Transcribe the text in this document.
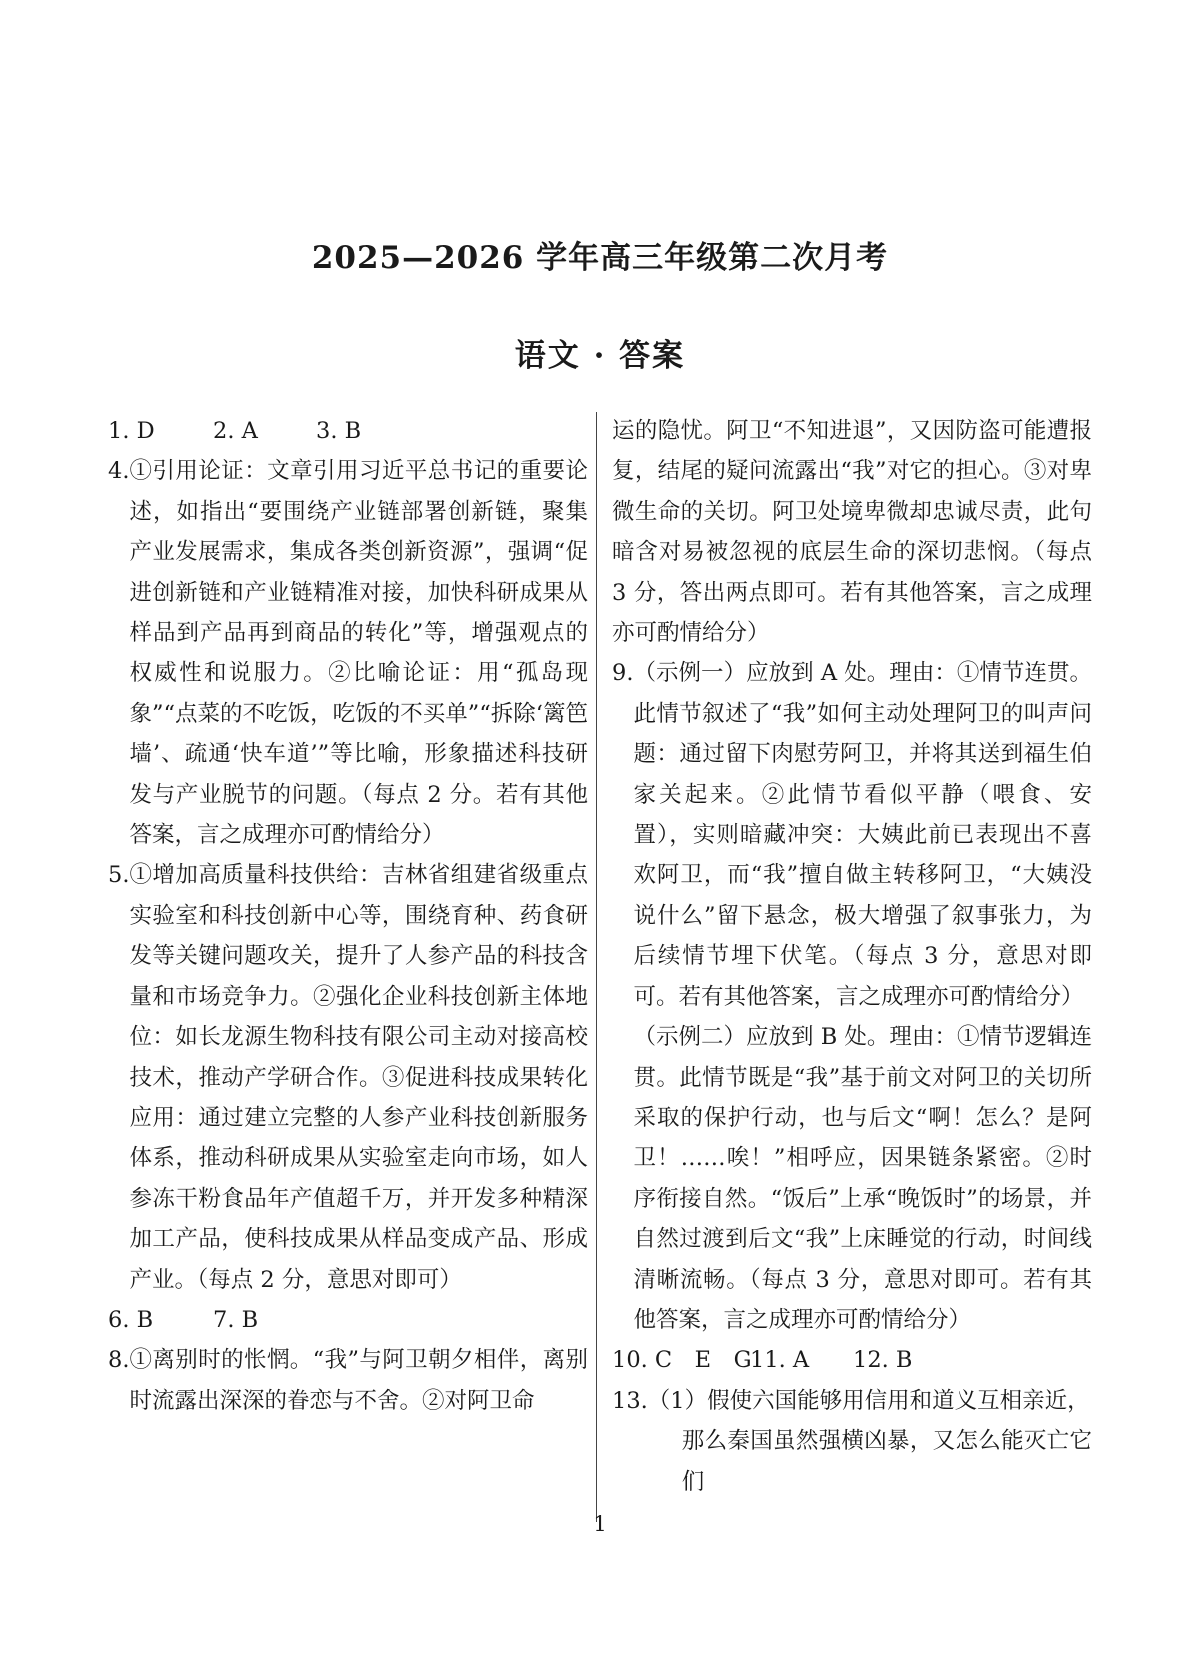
2025—2026 学年高三年级第二次月考
语文 · 答案
1. D	2. A	3. B
4. ①引用论证：文章引用习近平总书记的重要论述，如指出“要围绕产业链部署创新链，聚集产业发展需求，集成各类创新资源”，强调“促进创新链和产业链精准对接，加快科研成果从样品到产品再到商品的转化”等，增强观点的权威性和说服力。②比喻论证：用“孤岛现象”“点菜的不吃饭，吃饭的不买单”“拆除‘篱笆墙’、疏通‘快车道’”等比喻，形象描述科技研发与产业脱节的问题。（每点 2 分。若有其他答案，言之成理亦可酌情给分）
5. ①增加高质量科技供给：吉林省组建省级重点实验室和科技创新中心等，围绕育种、药食研发等关键问题攻关，提升了人参产品的科技含量和市场竞争力。②强化企业科技创新主体地位：如长龙源生物科技有限公司主动对接高校技术，推动产学研合作。③促进科技成果转化应用：通过建立完整的人参产业科技创新服务体系，推动科研成果从实验室走向市场，如人参冻干粉食品年产值超千万，并开发多种精深加工产品，使科技成果从样品变成产品、形成产业。（每点 2 分，意思对即可）
6. B	7. B
8. ①离别时的怅惘。“我”与阿卫朝夕相伴，离别时流露出深深的眷恋与不舍。②对阿卫命
运的隐忧。阿卫“不知进退”，又因防盗可能遭报复，结尾的疑问流露出“我”对它的担心。③对卑微生命的关切。阿卫处境卑微却忠诚尽责，此句暗含对易被忽视的底层生命的深切悲悯。（每点 3 分，答出两点即可。若有其他答案，言之成理亦可酌情给分）
9. （示例一）应放到 A 处。理由：①情节连贯。此情节叙述了“我”如何主动处理阿卫的叫声问题：通过留下肉慰劳阿卫，并将其送到福生伯家关起来。②此情节看似平静（喂食、安置），实则暗藏冲突：大姨此前已表现出不喜欢阿卫，而“我”擅自做主转移阿卫，“大姨没说什么”留下悬念，极大增强了叙事张力，为后续情节埋下伏笔。（每点 3 分，意思对即可。若有其他答案，言之成理亦可酌情给分）
（示例二）应放到 B 处。理由：①情节逻辑连贯。此情节既是“我”基于前文对阿卫的关切所采取的保护行动，也与后文“啊！怎么？是阿卫！……唉！”相呼应，因果链条紧密。②时序衔接自然。“饭后”上承“晚饭时”的场景，并自然过渡到后文“我”上床睡觉的行动，时间线清晰流畅。（每点 3 分，意思对即可。若有其他答案，言之成理亦可酌情给分）
10. C　E　G
11. A	12. B
13. （1）假使六国能够用信用和道义互相亲近，
那么秦国虽然强横凶暴，又怎么能灭亡它们
1
